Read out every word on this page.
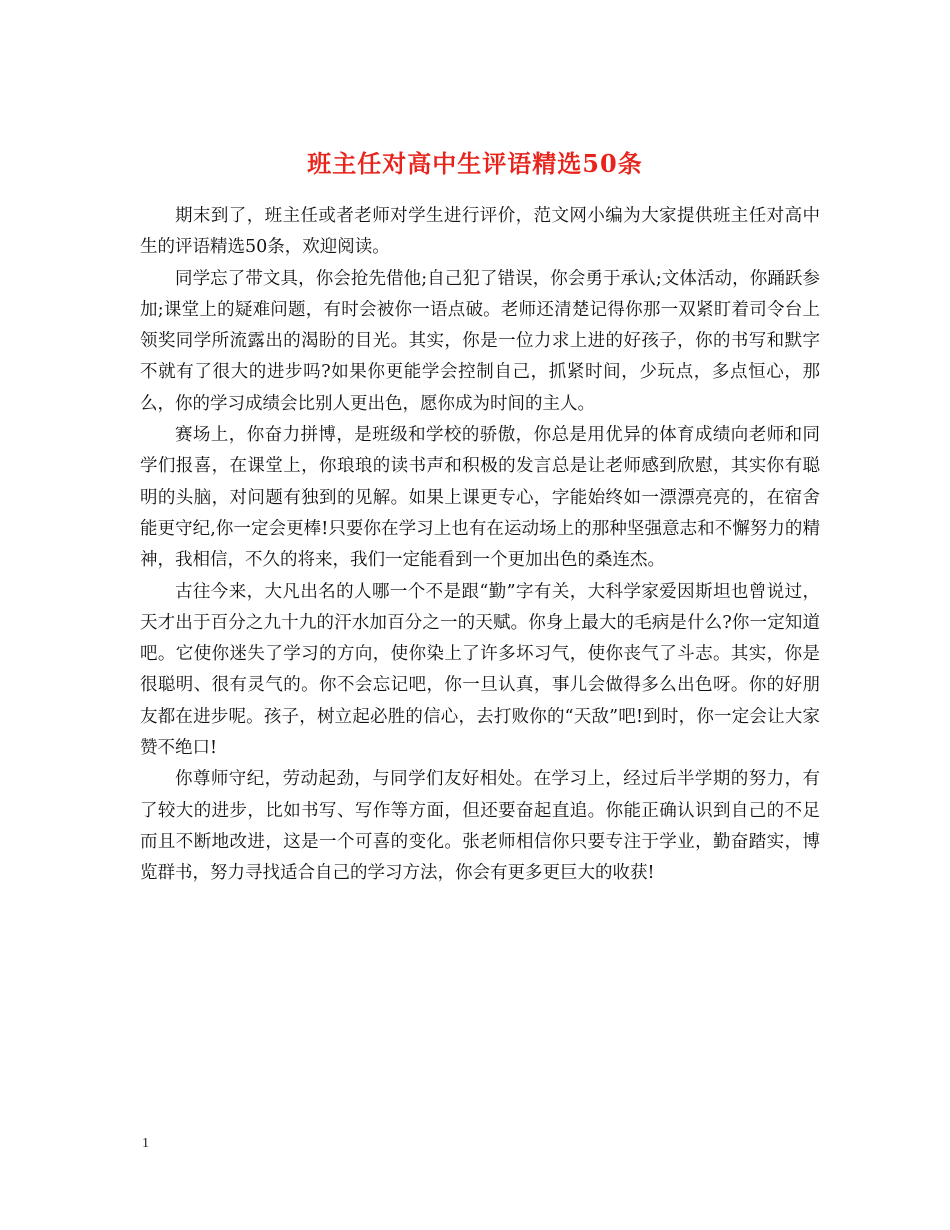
班主任对高中生评语精选50条

期末到了，班主任或者老师对学生进行评价，范文网小编为大家提供班主任对高中生的评语精选50条，欢迎阅读。

同学忘了带文具，你会抢先借他;自己犯了错误，你会勇于承认;文体活动，你踊跃参加;课堂上的疑难问题，有时会被你一语点破。老师还清楚记得你那一双紧盯着司令台上领奖同学所流露出的渴盼的目光。其实，你是一位力求上进的好孩子，你的书写和默字不就有了很大的进步吗?如果你更能学会控制自己，抓紧时间，少玩点，多点恒心，那么，你的学习成绩会比别人更出色，愿你成为时间的主人。

赛场上，你奋力拼博，是班级和学校的骄傲，你总是用优异的体育成绩向老师和同学们报喜，在课堂上，你琅琅的读书声和积极的发言总是让老师感到欣慰，其实你有聪明的头脑，对问题有独到的见解。如果上课更专心，字能始终如一漂漂亮亮的，在宿舍能更守纪,你一定会更棒!只要你在学习上也有在运动场上的那种坚强意志和不懈努力的精神，我相信，不久的将来，我们一定能看到一个更加出色的桑连杰。

古往今来，大凡出名的人哪一个不是跟“勤”字有关，大科学家爱因斯坦也曾说过，天才出于百分之九十九的汗水加百分之一的天赋。你身上最大的毛病是什么?你一定知道吧。它使你迷失了学习的方向，使你染上了许多坏习气，使你丧气了斗志。其实，你是很聪明、很有灵气的。你不会忘记吧，你一旦认真，事儿会做得多么出色呀。你的好朋友都在进步呢。孩子，树立起必胜的信心，去打败你的“天敌”吧!到时，你一定会让大家赞不绝口!

你尊师守纪，劳动起劲，与同学们友好相处。在学习上，经过后半学期的努力，有了较大的进步，比如书写、写作等方面，但还要奋起直追。你能正确认识到自己的不足而且不断地改进，这是一个可喜的变化。张老师相信你只要专注于学业，勤奋踏实，博览群书，努力寻找适合自己的学习方法，你会有更多更巨大的收获!

1
